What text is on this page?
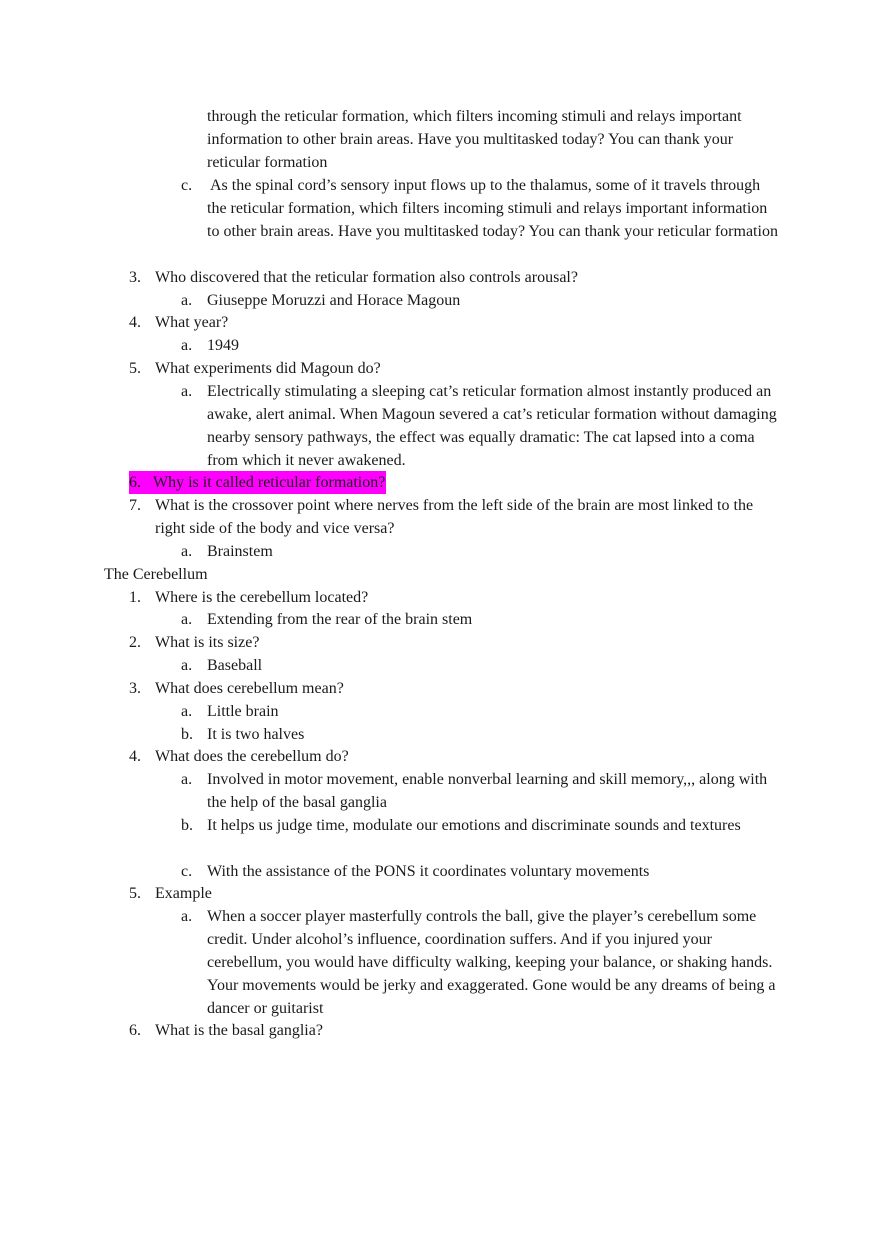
through the reticular formation, which filters incoming stimuli and relays important information to other brain areas. Have you multitasked today? You can thank your reticular formation

c. As the spinal cord’s sensory input flows up to the thalamus, some of it travels through the reticular formation, which filters incoming stimuli and relays important information to other brain areas. Have you multitasked today? You can thank your reticular formation

3. Who discovered that the reticular formation also controls arousal?

a. Giuseppe Moruzzi and Horace Magoun

4. What year?

a. 1949

5. What experiments did Magoun do?

a. Electrically stimulating a sleeping cat’s reticular formation almost instantly produced an awake, alert animal. When Magoun severed a cat’s reticular formation without damaging nearby sensory pathways, the effect was equally dramatic: The cat lapsed into a coma from which it never awakened.

6. Why is it called reticular formation?
7. What is the crossover point where nerves from the left side of the brain are most linked to the right side of the body and vice versa?

a. Brainstem

The Cerebellum

1. Where is the cerebellum located?

a. Extending from the rear of the brain stem

2. What is its size?

a. Baseball

3. What does cerebellum mean?

a. Little brain

b. It is two halves

4. What does the cerebellum do?

a. Involved in motor movement, enable nonverbal learning and skill memory,,, along with the help of the basal ganglia

b. It helps us judge time, modulate our emotions and discriminate sounds and textures

c. With the assistance of the PONS it coordinates voluntary movements

5. Example

a. When a soccer player masterfully controls the ball, give the player’s cerebellum some credit. Under alcohol’s influence, coordination suffers. And if you injured your cerebellum, you would have difficulty walking, keeping your balance, or shaking hands. Your movements would be jerky and exaggerated. Gone would be any dreams of being a dancer or guitarist

6. What is the basal ganglia?
